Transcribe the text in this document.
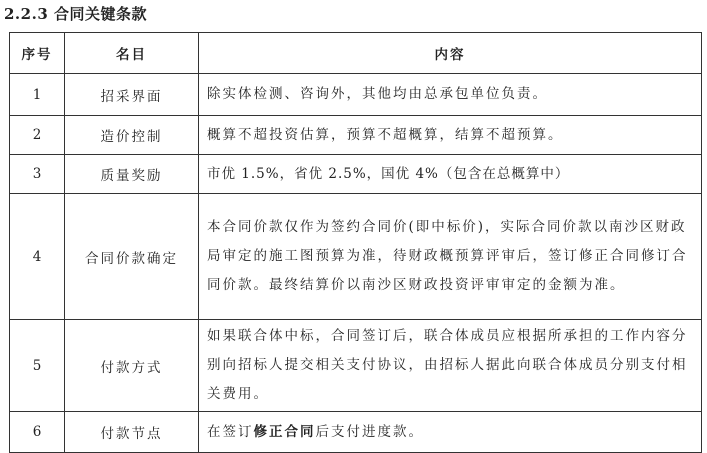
2.2.3 合同关键条款
序号	名目	内容
1	招采界面	除实体检测、咨询外，其他均由总承包单位负责。
2	造价控制	概算不超投资估算，预算不超概算，结算不超预算。
3	质量奖励	市优 1.5%，省优 2.5%，国优 4%（包含在总概算中）
4	合同价款确定	本合同价款仅作为签约合同价(即中标价)，实际合同价款以南沙区财政局审定的施工图预算为准，待财政概预算评审后，签订修正合同修订合同价款。最终结算价以南沙区财政投资评审审定的金额为准。
5	付款方式	如果联合体中标，合同签订后，联合体成员应根据所承担的工作内容分别向招标人提交相关支付协议，由招标人据此向联合体成员分别支付相关费用。
6	付款节点	在签订修正合同后支付进度款。
